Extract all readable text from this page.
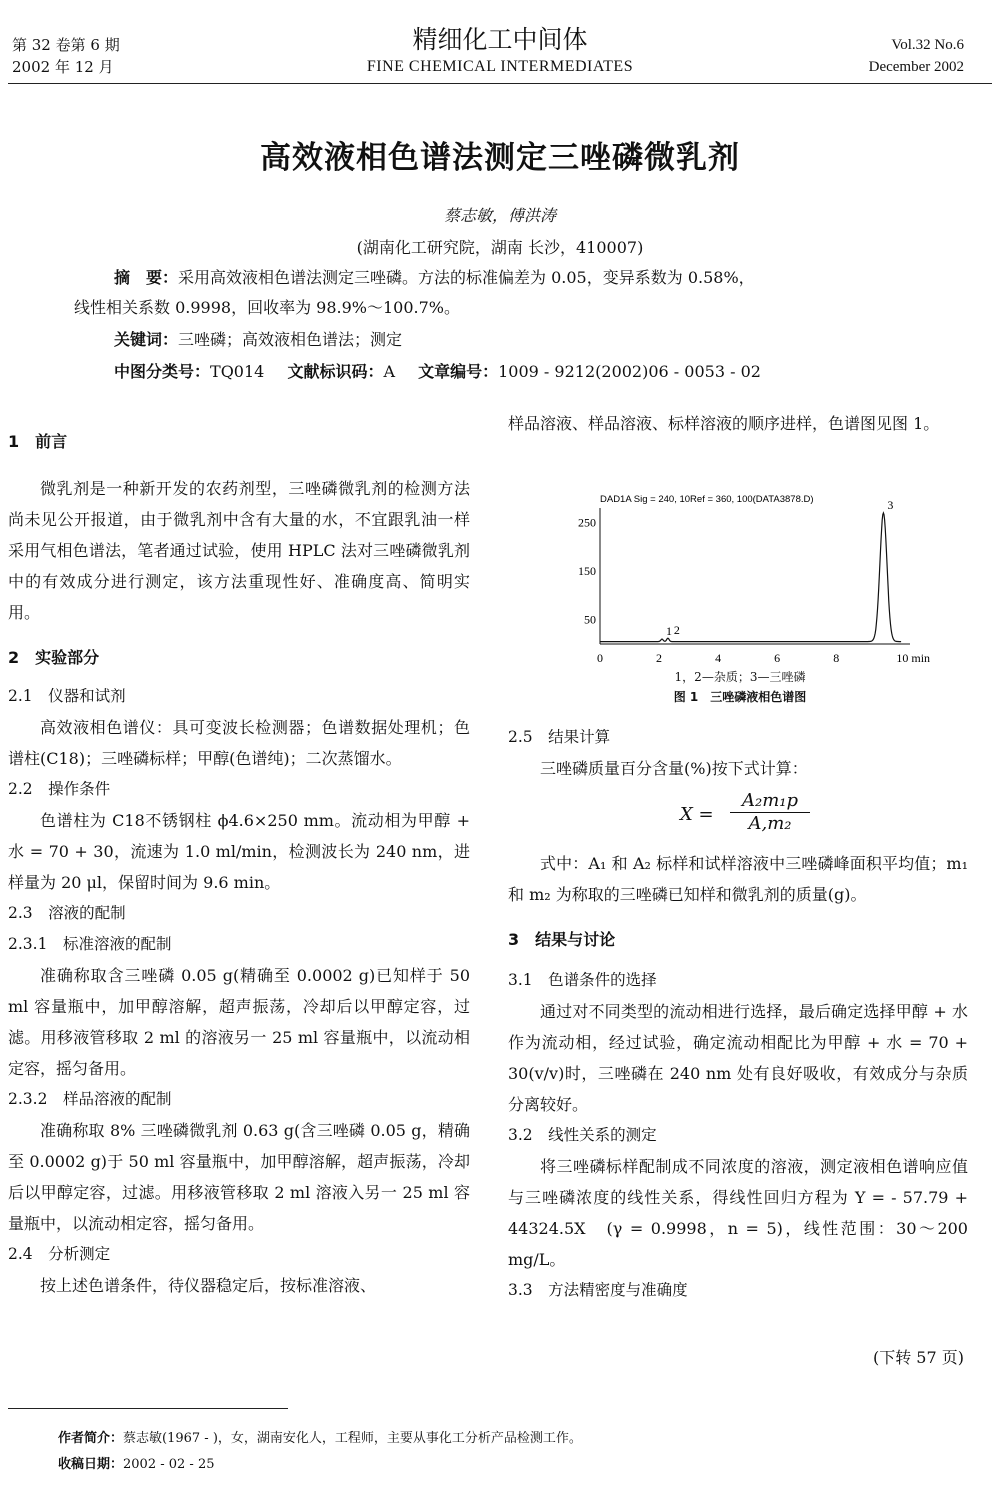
第 32 卷第 6 期
2002 年 12 月
精细化工中间体
FINE CHEMICAL INTERMEDIATES
Vol.32 No.6
December 2002
高效液相色谱法测定三唑磷微乳剂
蔡志敏，傅洪涛
(湖南化工研究院，湖南 长沙，410007)
摘　要：采用高效液相色谱法测定三唑磷。方法的标准偏差为 0.05，变异系数为 0.58%，
线性相关系数 0.9998，回收率为 98.9%～100.7%。
关键词：三唑磷；高效液相色谱法；测定
中图分类号：TQ014 文献标识码：A 文章编号：1009 - 9212(2002)06 - 0053 - 02
1　前言

微乳剂是一种新开发的农药剂型，三唑磷微乳剂的检测方法尚未见公开报道，由于微乳剂中含有大量的水，不宜跟乳油一样采用气相色谱法，笔者通过试验，使用 HPLC 法对三唑磷微乳剂中的有效成分进行测定，该方法重现性好、准确度高、简明实用。

2　实验部分
2.1　仪器和试剂

高效液相色谱仪：具可变波长检测器；色谱数据处理机；色谱柱(C18)；三唑磷标样；甲醇(色谱纯)；二次蒸馏水。

2.2　操作条件

色谱柱为 C18不锈钢柱 ϕ4.6×250 mm。流动相为甲醇 + 水 = 70 + 30，流速为 1.0 ml/min，检测波长为 240 nm，进样量为 20 μl，保留时间为 9.6 min。

2.3　溶液的配制
2.3.1　标准溶液的配制

准确称取含三唑磷 0.05 g(精确至 0.0002 g)已知样于 50 ml 容量瓶中，加甲醇溶解，超声振荡，冷却后以甲醇定容，过滤。用移液管移取 2 ml 的溶液另一 25 ml 容量瓶中，以流动相定容，摇匀备用。

2.3.2　样品溶液的配制

准确称取 8% 三唑磷微乳剂 0.63 g(含三唑磷 0.05 g，精确至 0.0002 g)于 50 ml 容量瓶中，加甲醇溶解，超声振荡，冷却后以甲醇定容，过滤。用移液管移取 2 ml 溶液入另一 25 ml 容量瓶中，以流动相定容，摇匀备用。

2.4　分析测定

按上述色谱条件，待仪器稳定后，按标准溶液、

样品溶液、样品溶液、标样溶液的顺序进样，色谱图见图 1。

DAD1A Sig = 240, 10Ref = 360, 100(DATA3878.D)
50
150
250
0	2	4	6	8	10 min
1 2
3
1，2—杂质；3—三唑磷
图 1　三唑磷液相色谱图
2.5　结果计算

三唑磷质量百分含量(%)按下式计算：

式中：A₁ 和 A₂ 标样和试样溶液中三唑磷峰面积平均值；m₁ 和 m₂ 为称取的三唑磷已知样和微乳剂的质量(g)。

3　结果与讨论
3.1　色谱条件的选择

通过对不同类型的流动相进行选择，最后确定选择甲醇 + 水作为流动相，经过试验，确定流动相配比为甲醇 + 水 = 70 + 30(v/v)时，三唑磷在 240 nm 处有良好吸收，有效成分与杂质分离较好。

3.2　线性关系的测定

将三唑磷标样配制成不同浓度的溶液，测定液相色谱响应值与三唑磷浓度的线性关系，得线性回归方程为 Y = - 57.79 + 44324.5X　(γ = 0.9998，n = 5)，线性范围：30～200 mg/L。

3.3　方法精密度与准确度
$X = \frac{\text{A₂m₁p}}{\text{A,m₂}}$
(下转 57 页)
作者简介：蔡志敏(1967 - )，女，湖南安化人，工程师，主要从事化工分析产品检测工作。
收稿日期：2002 - 02 - 25
